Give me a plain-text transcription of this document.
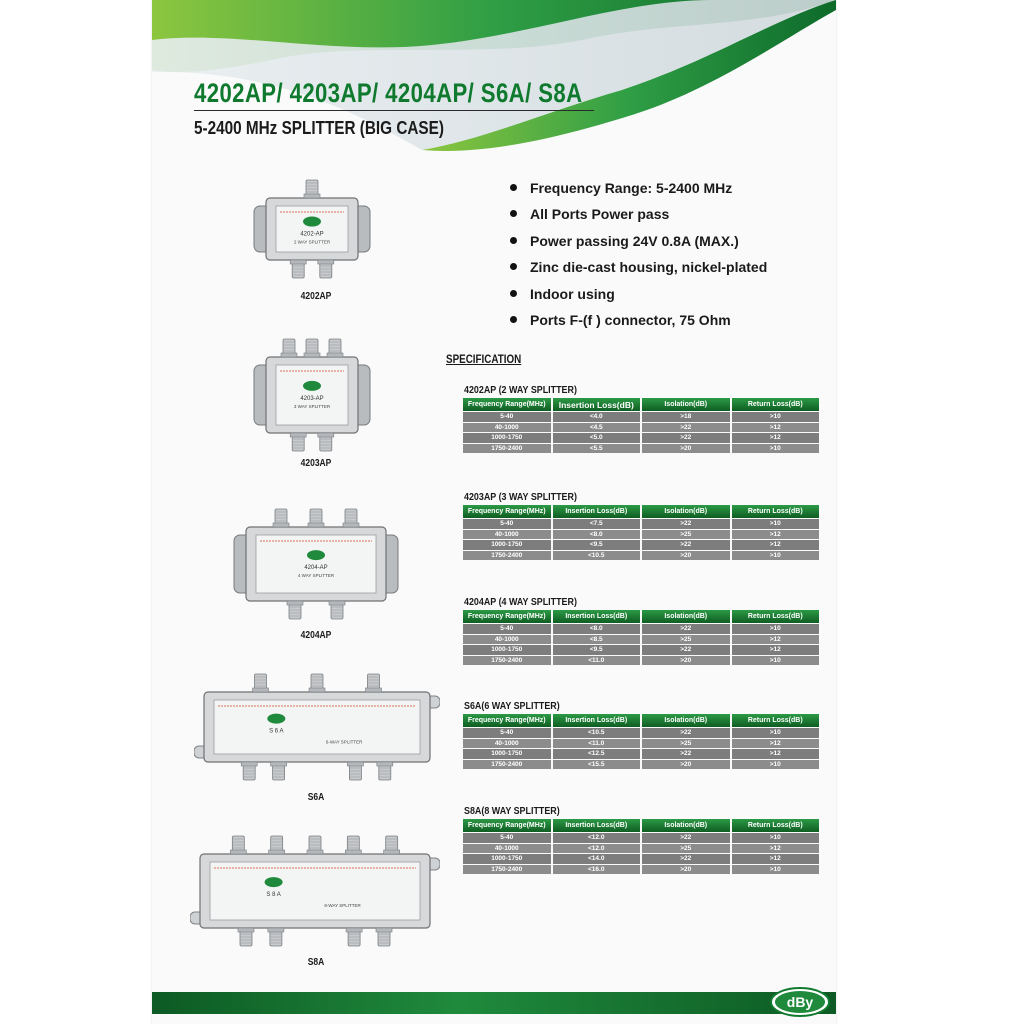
4202AP/ 4203AP/ 4204AP/ S6A/ S8A
5-2400 MHz SPLITTER (BIG CASE)
Frequency Range: 5-2400 MHz
All Ports Power pass
Power passing 24V 0.8A (MAX.)
Zinc die-cast housing, nickel-plated
Indoor using
Ports F-(f ) connector, 75 Ohm
SPECIFICATION
4202AP (2 WAY SPLITTER)
Frequency Range(MHz)	Insertion Loss(dB)	Isolation(dB)	Return Loss(dB)
5-40	<4.0	>18	>10
40-1000	<4.5	>22	>12
1000-1750	<5.0	>22	>12
1750-2400	<5.5	>20	>10
4203AP (3 WAY SPLITTER)
Frequency Range(MHz)	Insertion Loss(dB)	Isolation(dB)	Return Loss(dB)
5-40	<7.5	>22	>10
40-1000	<8.0	>25	>12
1000-1750	<9.5	>22	>12
1750-2400	<10.5	>20	>10
4204AP (4 WAY SPLITTER)
Frequency Range(MHz)	Insertion Loss(dB)	Isolation(dB)	Return Loss(dB)
5-40	<8.0	>22	>10
40-1000	<8.5	>25	>12
1000-1750	<9.5	>22	>12
1750-2400	<11.0	>20	>10
S6A(6 WAY SPLITTER)
Frequency Range(MHz)	Insertion Loss(dB)	Isolation(dB)	Return Loss(dB)
5-40	<10.5	>22	>10
40-1000	<11.0	>25	>12
1000-1750	<12.5	>22	>12
1750-2400	<15.5	>20	>10
S8A(8 WAY SPLITTER)
Frequency Range(MHz)	Insertion Loss(dB)	Isolation(dB)	Return Loss(dB)
5-40	<12.0	>22	>10
40-1000	<12.0	>25	>12
1000-1750	<14.0	>22	>12
1750-2400	<16.0	>20	>10
4202-AP
2 WAY SPLITTER
4202AP
4203-AP
3 WAY SPLITTER
4203AP
4204-AP
4 WAY SPLITTER
4204AP
S 6 A
6-WAY SPLITTER
S6A
S 8 A
8-WAY SPLITTER
S8A
dBy
